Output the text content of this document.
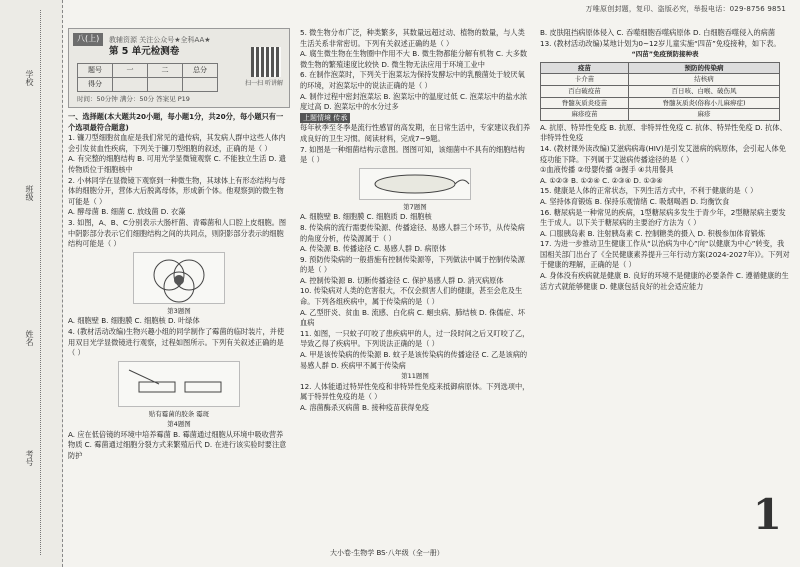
学校
班级
姓名
考号
万唯原创封题，复印、盗版必究，举报电话：029-8756 9851
八(上)	教辅资源 关注公众号★全科AA★
第 5 单元检测卷
题号	一	二	总分
得分				扫一扫 听讲解
时间：50分钟 满分：50分 答案见 P19

一、选择题(本大题共20小题，每小题1分，共20分，每小题只有一个选项最符合题意)

1. 镰刀型细胞贫血症是我们常见的遗传病，其发病人群中这些人体内会引发贫血性疾病，下列关于镰刀型细胞的叙述，正确的是（ ）

A. 有完整的细胞结构 B. 可用光学显微镜观察 C. 不能独立生活 D. 遗传物质位于细胞核中

2. 小林同学在显微镜下观察到一种微生物，其球体上有形态结构与母体的细胞分开，营体大后脱离母体，形成新个体。他观察到的微生物可能是（ ）

A. 酵母菌 B. 细菌 C. 放线菌 D. 衣藻

3. 如图，A、B、C分别表示大肠杆菌、青霉菌和人口腔上皮细胞。图中阴影部分表示它们细胞结构之间的共同点，则阴影部分表示的细胞结构可能是（ ）

第3题图

A. 细胞壁 B. 细胞膜 C. 细胞核 D. 叶绿体

4. (教材活动改编)生物兴趣小组的同学制作了霉菌的临时装片，并使用双目光学显微镜进行观察，过程如图所示。下列有关叙述正确的是（ ）

贴有霉菌的胶条 霉斑
第4题图

A. 应在低倍镜的环境中培养霉菌 B. 霉菌通过细胞从环境中吸收营养物质 C. 霉菌通过细胞分裂方式来繁殖后代 D. 在进行该实验时要注意防护

5. 微生物分布广泛，种类繁多，其数量远超过动、植物的数量，与人类生活关系非常密切。下列有关叙述正确的是（ ）

A. 腐生微生物在生物圈中作用不大 B. 微生物都能分解有机物 C. 大多数微生物的繁殖速度比较快 D. 微生物无法应用于环境工业中

6. 在制作泡菜时，下列关于泡菜坛为保持发酵坛中的乳酸菌处于较厌氧的环境，对泡菜坛中的说法正确的是（ ）

A. 制作过程中密封泡菜坛 B. 泡菜坛中的温度过低 C. 泡菜坛中的盐水浓度过高 D. 泡菜坛中的水分过多

上题情境 传承

每年秋季至冬季是流行性感冒的高发期，在日常生活中，专家建议我们养成良好的卫生习惯。阅读材料，完成7~9题。

7. 如图是一种细菌结构示意图。图图可知，该细菌中不具有的细胞结构是（ ）

第7题图

A. 细胞壁 B. 细胞膜 C. 细胞质 D. 细胞核

8. 传染病的流行需要传染源、传播途径、易感人群三个环节，从传染病的角度分析，传染源属于（ ）

A. 传染源 B. 传播途径 C. 易感人群 D. 病原体

9. 预防传染病的一般措施有控制传染源等，下列做法中属于控制传染源的是（ ）

A. 控制传染源 B. 切断传播途径 C. 保护易感人群 D. 消灭病原体

10. 传染病对人类的危害很大，不仅会损害人们的健康，甚至会危及生命。下列各组疾病中，属于传染病的是（ ）

A. 乙型肝炎、贫血 B. 流感、白化病 C. 蛔虫病、肺结核 D. 侏儒症、坏血病

11. 如图，一只蚊子叮咬了患疾病甲的人，过一段时间之后又叮咬了乙，导致乙得了疾病甲。下列说法正确的是（ ）

A. 甲是该传染病的传染源 B. 蚊子是该传染病的传播途径 C. 乙是该病的易感人群 D. 疾病甲不属于传染病

第11题图

12. 人体能通过特异性免疫和非特异性免疫来抵御病原体。下列选项中，属于特异性免疫的是（ ）

A. 溶菌酶杀灭病菌 B. 接种疫苗获得免疫

B. 皮肤阻挡病原体侵入 C. 吞噬细胞吞噬病原体 D. 白细胞吞噬侵入的病菌

13. (教材活动改编)某地计划为0~12岁儿童实施“四苗”免疫接种，如下表。

“四苗”免疫预防接种表
疫苗	预防的传染病
卡介苗	结核病
百白破疫苗	百日咳、白喉、破伤风
脊髓灰质炎疫苗	脊髓灰质炎(俗称小儿麻痹症)
麻疹疫苗	麻疹

A. 抗原、特异性免疫 B. 抗原、非特异性免疫 C. 抗体、特异性免疫 D. 抗体、非特异性免疫

14. (教材课外读改编)艾滋病病毒(HIV)是引发艾滋病的病原体，会引起人体免疫功能下降。下列属于艾滋病传播途径的是（ ）

①血液传播 ②母婴传播 ③握手 ④共用餐具

A. ①②③ B. ①②④ C. ②③④ D. ①③④

15. 健康是人体的正常状态，下列生活方式中，不利于健康的是（ ）

A. 坚持体育锻炼 B. 保持乐观情绪 C. 吸烟喝酒 D. 均衡饮食

16. 糖尿病是一种常见的疾病，1型糖尿病多发生于青少年，2型糖尿病主要发生于成人。以下关于糖尿病的主要治疗方法为（ ）

A. 口服胰岛素 B. 注射胰岛素 C. 控制糖类的摄入 D. 积极参加体育锻炼

17. 为进一步推动卫生健康工作从“以治病为中心”向“以健康为中心”转变，我国相关部门出台了《全民健康素养提升三年行动方案(2024-2027年)》。下列对于健康的理解，正确的是（ ）

A. 身体没有疾病就是健康 B. 良好的环境不是健康的必要条件 C. 遵循健康的生活方式就能够健康 D. 健康包括良好的社会适应能力

1
大小卷·生物学 BS·八年级（全一册）
